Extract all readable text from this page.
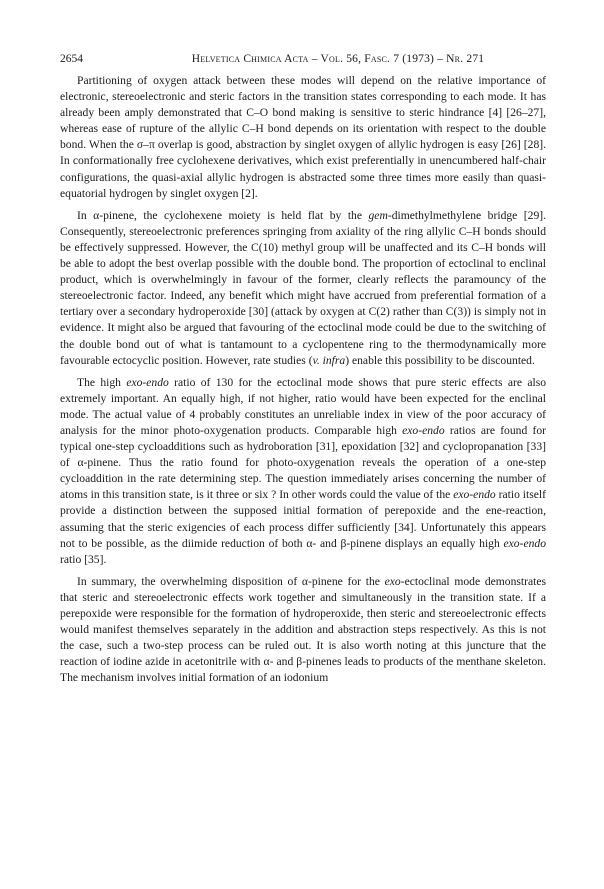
2654	Helvetica Chimica Acta – Vol. 56, Fasc. 7 (1973) – Nr. 271

Partitioning of oxygen attack between these modes will depend on the relative importance of electronic, stereoelectronic and steric factors in the transition states corresponding to each mode. It has already been amply demonstrated that C–O bond making is sensitive to steric hindrance [4] [26–27], whereas ease of rupture of the allylic C–H bond depends on its orientation with respect to the double bond. When the σ–π overlap is good, abstraction by singlet oxygen of allylic hydrogen is easy [26] [28]. In conformationally free cyclohexene derivatives, which exist preferentially in unencumbered half-chair configurations, the quasi-axial allylic hydrogen is abstracted some three times more easily than quasi-equatorial hydrogen by singlet oxygen [2].

In α-pinene, the cyclohexene moiety is held flat by the gem-dimethylmethylene bridge [29]. Consequently, stereoelectronic preferences springing from axiality of the ring allylic C–H bonds should be effectively suppressed. However, the C(10) methyl group will be unaffected and its C–H bonds will be able to adopt the best overlap possible with the double bond. The proportion of ectoclinal to enclinal product, which is overwhelmingly in favour of the former, clearly reflects the paramouncy of the stereoelectronic factor. Indeed, any benefit which might have accrued from preferential formation of a tertiary over a secondary hydroperoxide [30] (attack by oxygen at C(2) rather than C(3)) is simply not in evidence. It might also be argued that favouring of the ectoclinal mode could be due to the switching of the double bond out of what is tantamount to a cyclopentene ring to the thermodynamically more favourable ectocyclic position. However, rate studies (v. infra) enable this possibility to be discounted.

The high exo-endo ratio of 130 for the ectoclinal mode shows that pure steric effects are also extremely important. An equally high, if not higher, ratio would have been expected for the enclinal mode. The actual value of 4 probably constitutes an unreliable index in view of the poor accuracy of analysis for the minor photo-oxygenation products. Comparable high exo-endo ratios are found for typical one-step cycloadditions such as hydroboration [31], epoxidation [32] and cyclopropanation [33] of α-pinene. Thus the ratio found for photo-oxygenation reveals the operation of a one-step cycloaddition in the rate determining step. The question immediately arises concerning the number of atoms in this transition state, is it three or six ? In other words could the value of the exo-endo ratio itself provide a distinction between the supposed initial formation of perepoxide and the ene-reaction, assuming that the steric exigencies of each process differ sufficiently [34]. Unfortunately this appears not to be possible, as the diimide reduction of both α- and β-pinene displays an equally high exo-endo ratio [35].

In summary, the overwhelming disposition of α-pinene for the exo-ectoclinal mode demonstrates that steric and stereoelectronic effects work together and simultaneously in the transition state. If a perepoxide were responsible for the formation of hydroperoxide, then steric and stereoelectronic effects would manifest themselves separately in the addition and abstraction steps respectively. As this is not the case, such a two-step process can be ruled out. It is also worth noting at this juncture that the reaction of iodine azide in acetonitrile with α- and β-pinenes leads to products of the menthane skeleton. The mechanism involves initial formation of an iodonium
